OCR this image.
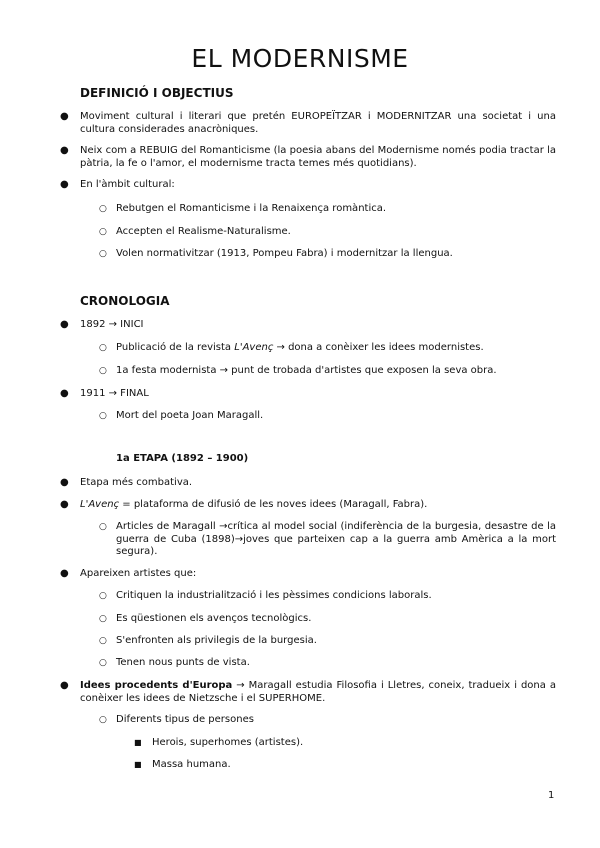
EL MODERNISME
DEFINICIÓ I OBJECTIUS
● Moviment cultural i literari que pretén EUROPEÏTZAR i MODERNITZAR una societat i una cultura considerades anacròniques.
● Neix com a REBUIG del Romanticisme (la poesia abans del Modernisme només podia tractar la pàtria, la fe o l'amor, el modernisme tracta temes més quotidians).
● En l'àmbit cultural:
○ Rebutgen el Romanticisme i la Renaixença romàntica.
○ Accepten el Realisme-Naturalisme.
○ Volen normativitzar (1913, Pompeu Fabra) i modernitzar la llengua.
CRONOLOGIA
● 1892 → INICI
○ Publicació de la revista L'Avenç → dona a conèixer les idees modernistes.
○ 1a festa modernista → punt de trobada d'artistes que exposen la seva obra.
● 1911 → FINAL
○ Mort del poeta Joan Maragall.
1a ETAPA (1892 – 1900)
● Etapa més combativa.
● L'Avenç = plataforma de difusió de les noves idees (Maragall, Fabra).
○ Articles de Maragall →crítica al model social (indiferència de la burgesia, desastre de la guerra de Cuba (1898)→joves que parteixen cap a la guerra amb Amèrica a la mort segura).
● Apareixen artistes que:
○ Critiquen la industrialització i les pèssimes condicions laborals.
○ Es qüestionen els avenços tecnològics.
○ S'enfronten als privilegis de la burgesia.
○ Tenen nous punts de vista.
● Idees procedents d'Europa → Maragall estudia Filosofia i Lletres, coneix, tradueix i dona a conèixer les idees de Nietzsche i el SUPERHOME.
○ Diferents tipus de persones
■ Herois, superhomes (artistes).
■ Massa humana.
1
